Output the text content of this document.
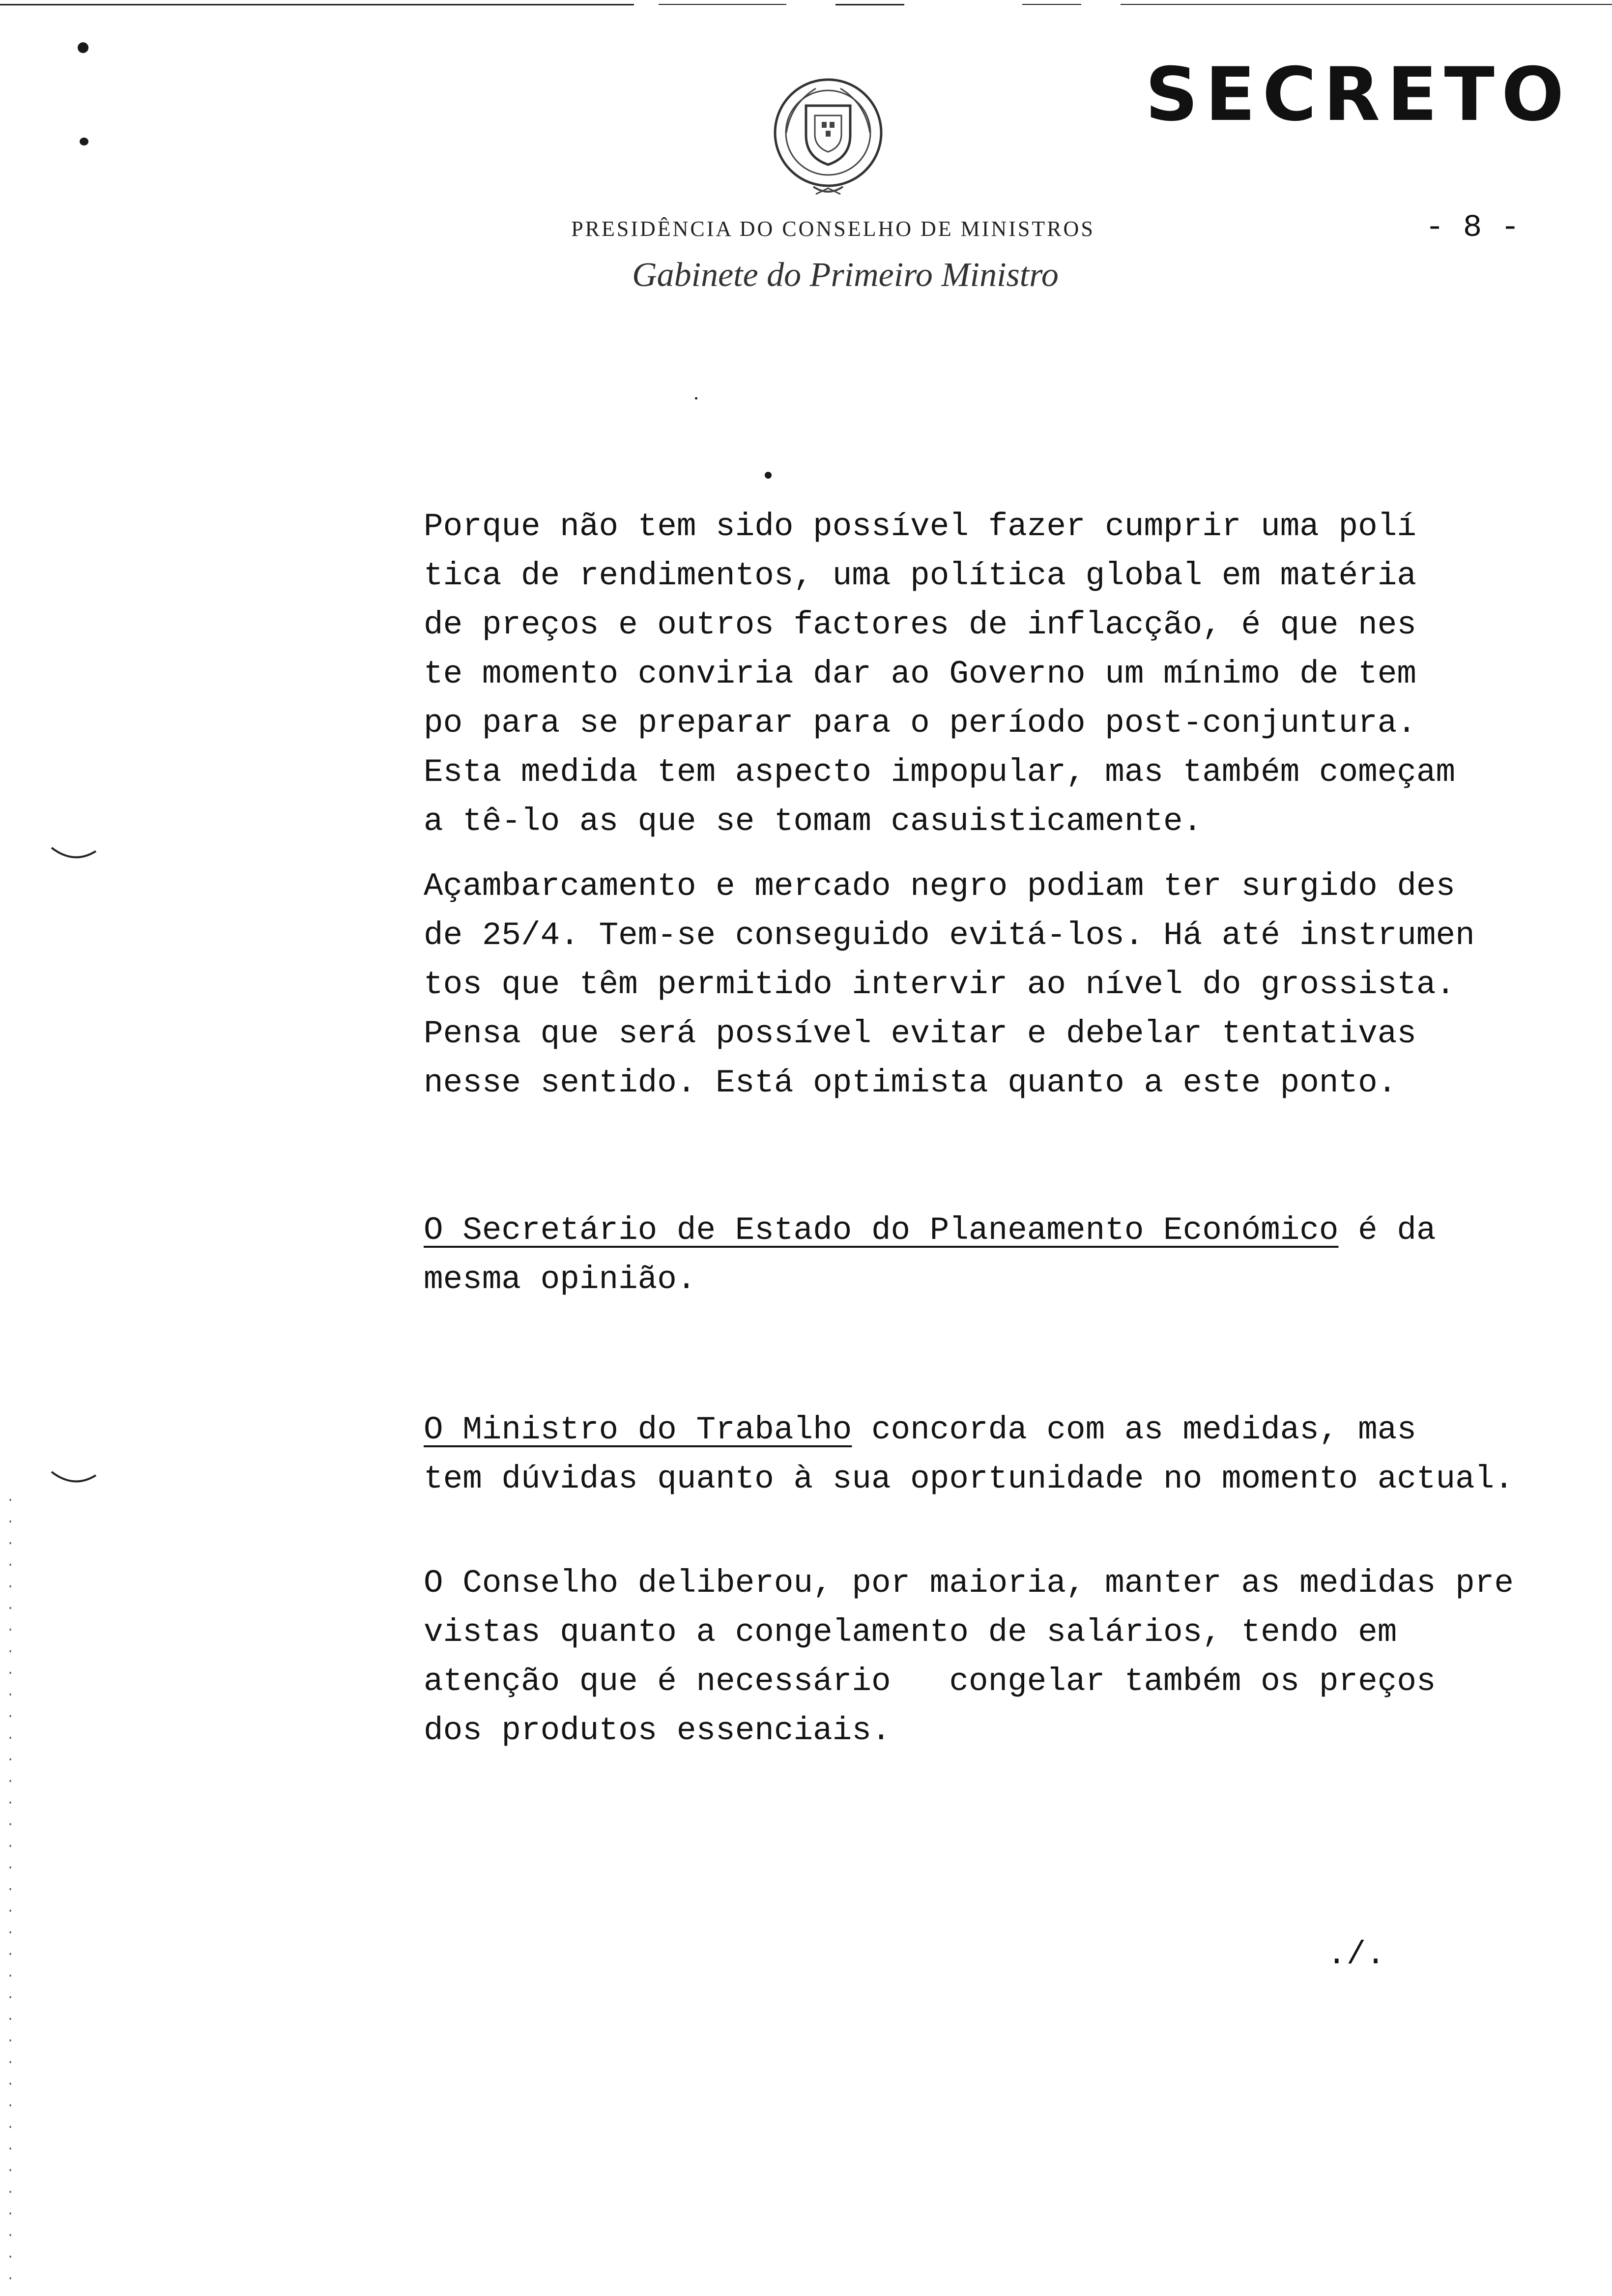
SECRETO
PRESIDÊNCIA DO CONSELHO DE MINISTROS	- 8 -
Gabinete do Primeiro Ministro
Porque não tem sido possível fazer cumprir uma polí
tica de rendimentos, uma política global em matéria
de preços e outros factores de inflacção, é que nes
te momento conviria dar ao Governo um mínimo de tem
po para se preparar para o período post-conjuntura.
Esta medida tem aspecto impopular, mas também começam
a tê-lo as que se tomam casuisticamente.
Açambarcamento e mercado negro podiam ter surgido des
de 25/4. Tem-se conseguido evitá-los. Há até instrumen
tos que têm permitido intervir ao nível do grossista.
Pensa que será possível evitar e debelar tentativas
nesse sentido. Está optimista quanto a este ponto.
O Secretário de Estado do Planeamento Económico é da
mesma opinião.
O Ministro do Trabalho concorda com as medidas, mas
tem dúvidas quanto à sua oportunidade no momento actual.
O Conselho deliberou, por maioria, manter as medidas pre
vistas quanto a congelamento de salários, tendo em
atenção que é necessário   congelar também os preços
dos produtos essenciais.
./.
